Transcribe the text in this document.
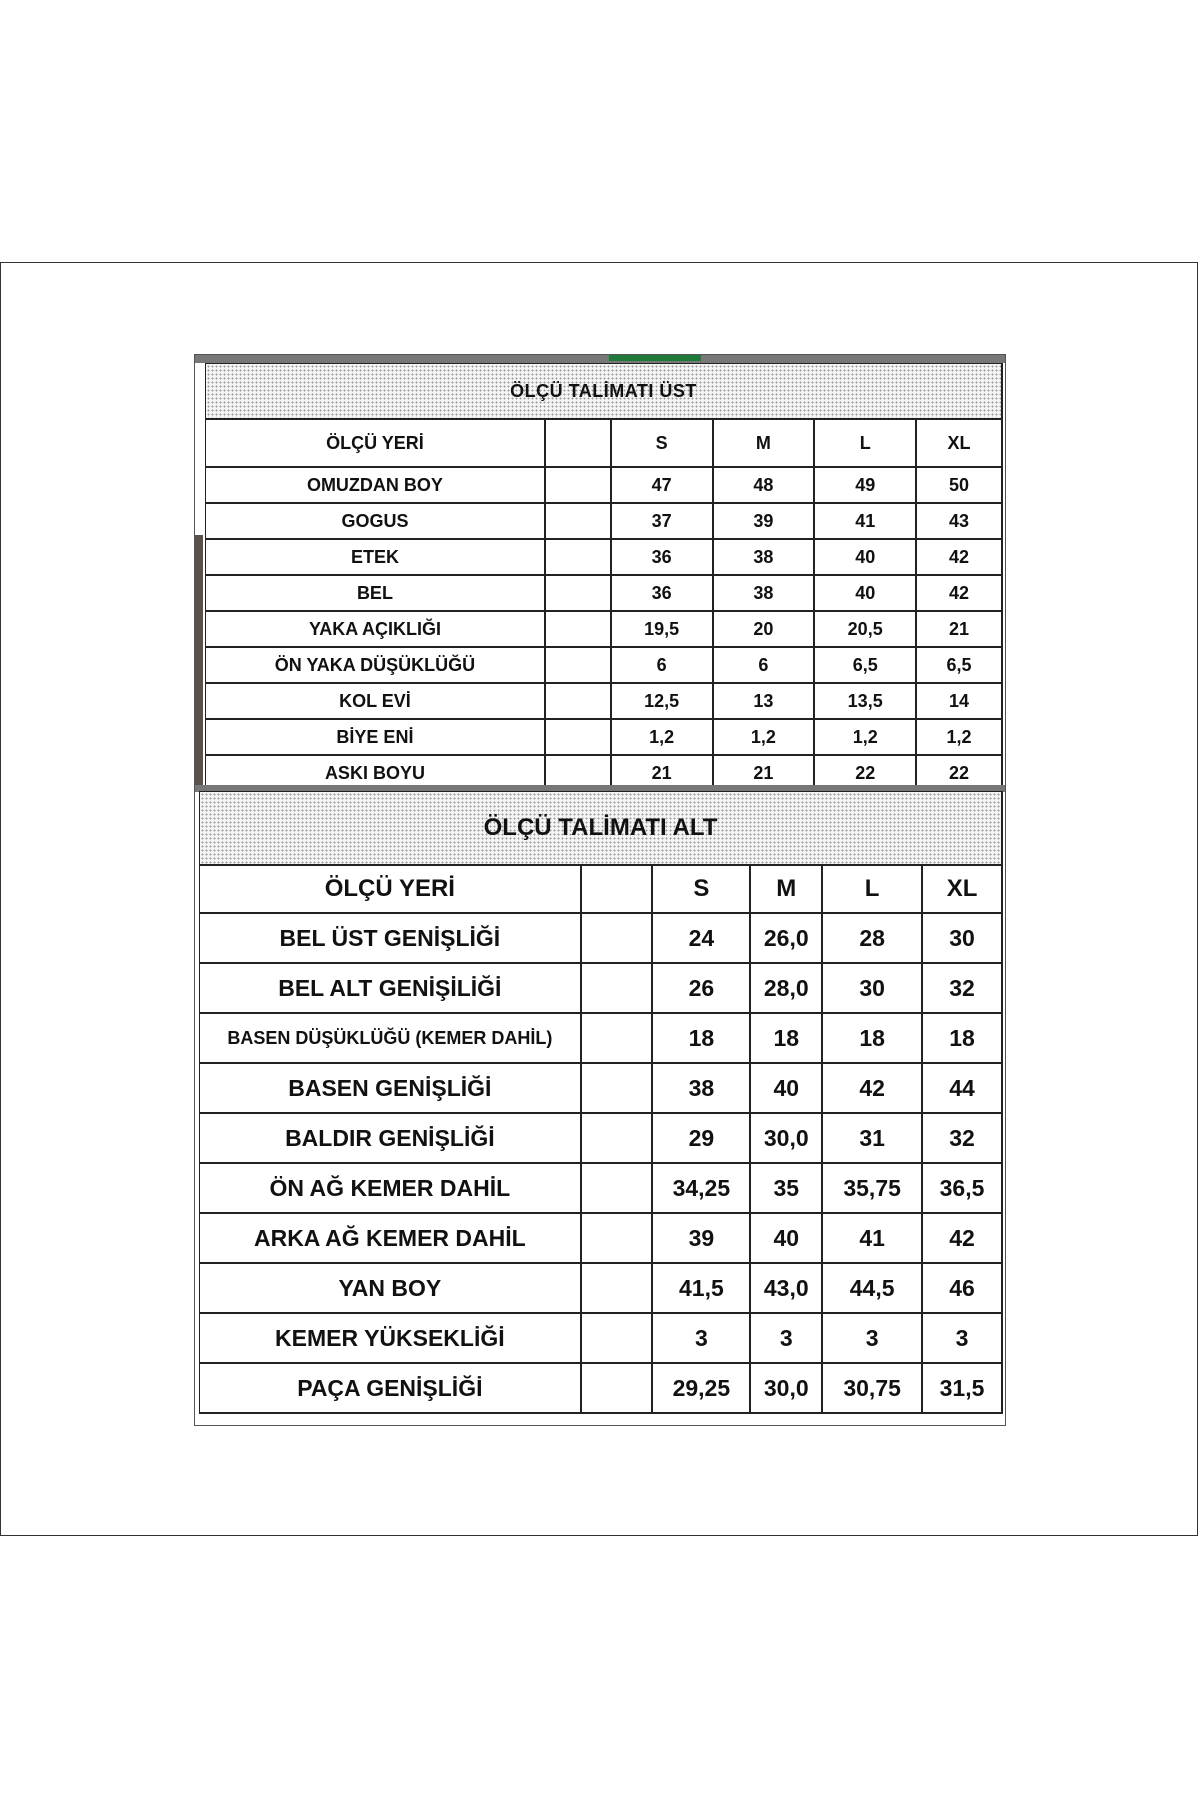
ÖLÇÜ TALİMATI ÜST					
ÖLÇÜ YERİ		S	M	L	XL
OMUZDAN BOY		47	48	49	50
GOGUS		37	39	41	43
ETEK		36	38	40	42
BEL		36	38	40	42
YAKA AÇIKLIĞI		19,5	20	20,5	21
ÖN YAKA DÜŞÜKLÜĞÜ		6	6	6,5	6,5
KOL EVİ		12,5	13	13,5	14
BİYE ENİ		1,2	1,2	1,2	1,2
ASKI BOYU		21	21	22	22
ÖLÇÜ TALİMATI ALT					
ÖLÇÜ YERİ		S	M	L	XL
BEL ÜST GENİŞLİĞİ		24	26,0	28	30
BEL ALT GENİŞİLİĞİ		26	28,0	30	32
BASEN DÜŞÜKLÜĞÜ (KEMER DAHİL)		18	18	18	18
BASEN GENİŞLİĞİ		38	40	42	44
BALDIR GENİŞLİĞİ		29	30,0	31	32
ÖN AĞ KEMER DAHİL		34,25	35	35,75	36,5
ARKA AĞ KEMER DAHİL		39	40	41	42
YAN BOY		41,5	43,0	44,5	46
KEMER YÜKSEKLİĞİ		3	3	3	3
PAÇA GENİŞLİĞİ		29,25	30,0	30,75	31,5
